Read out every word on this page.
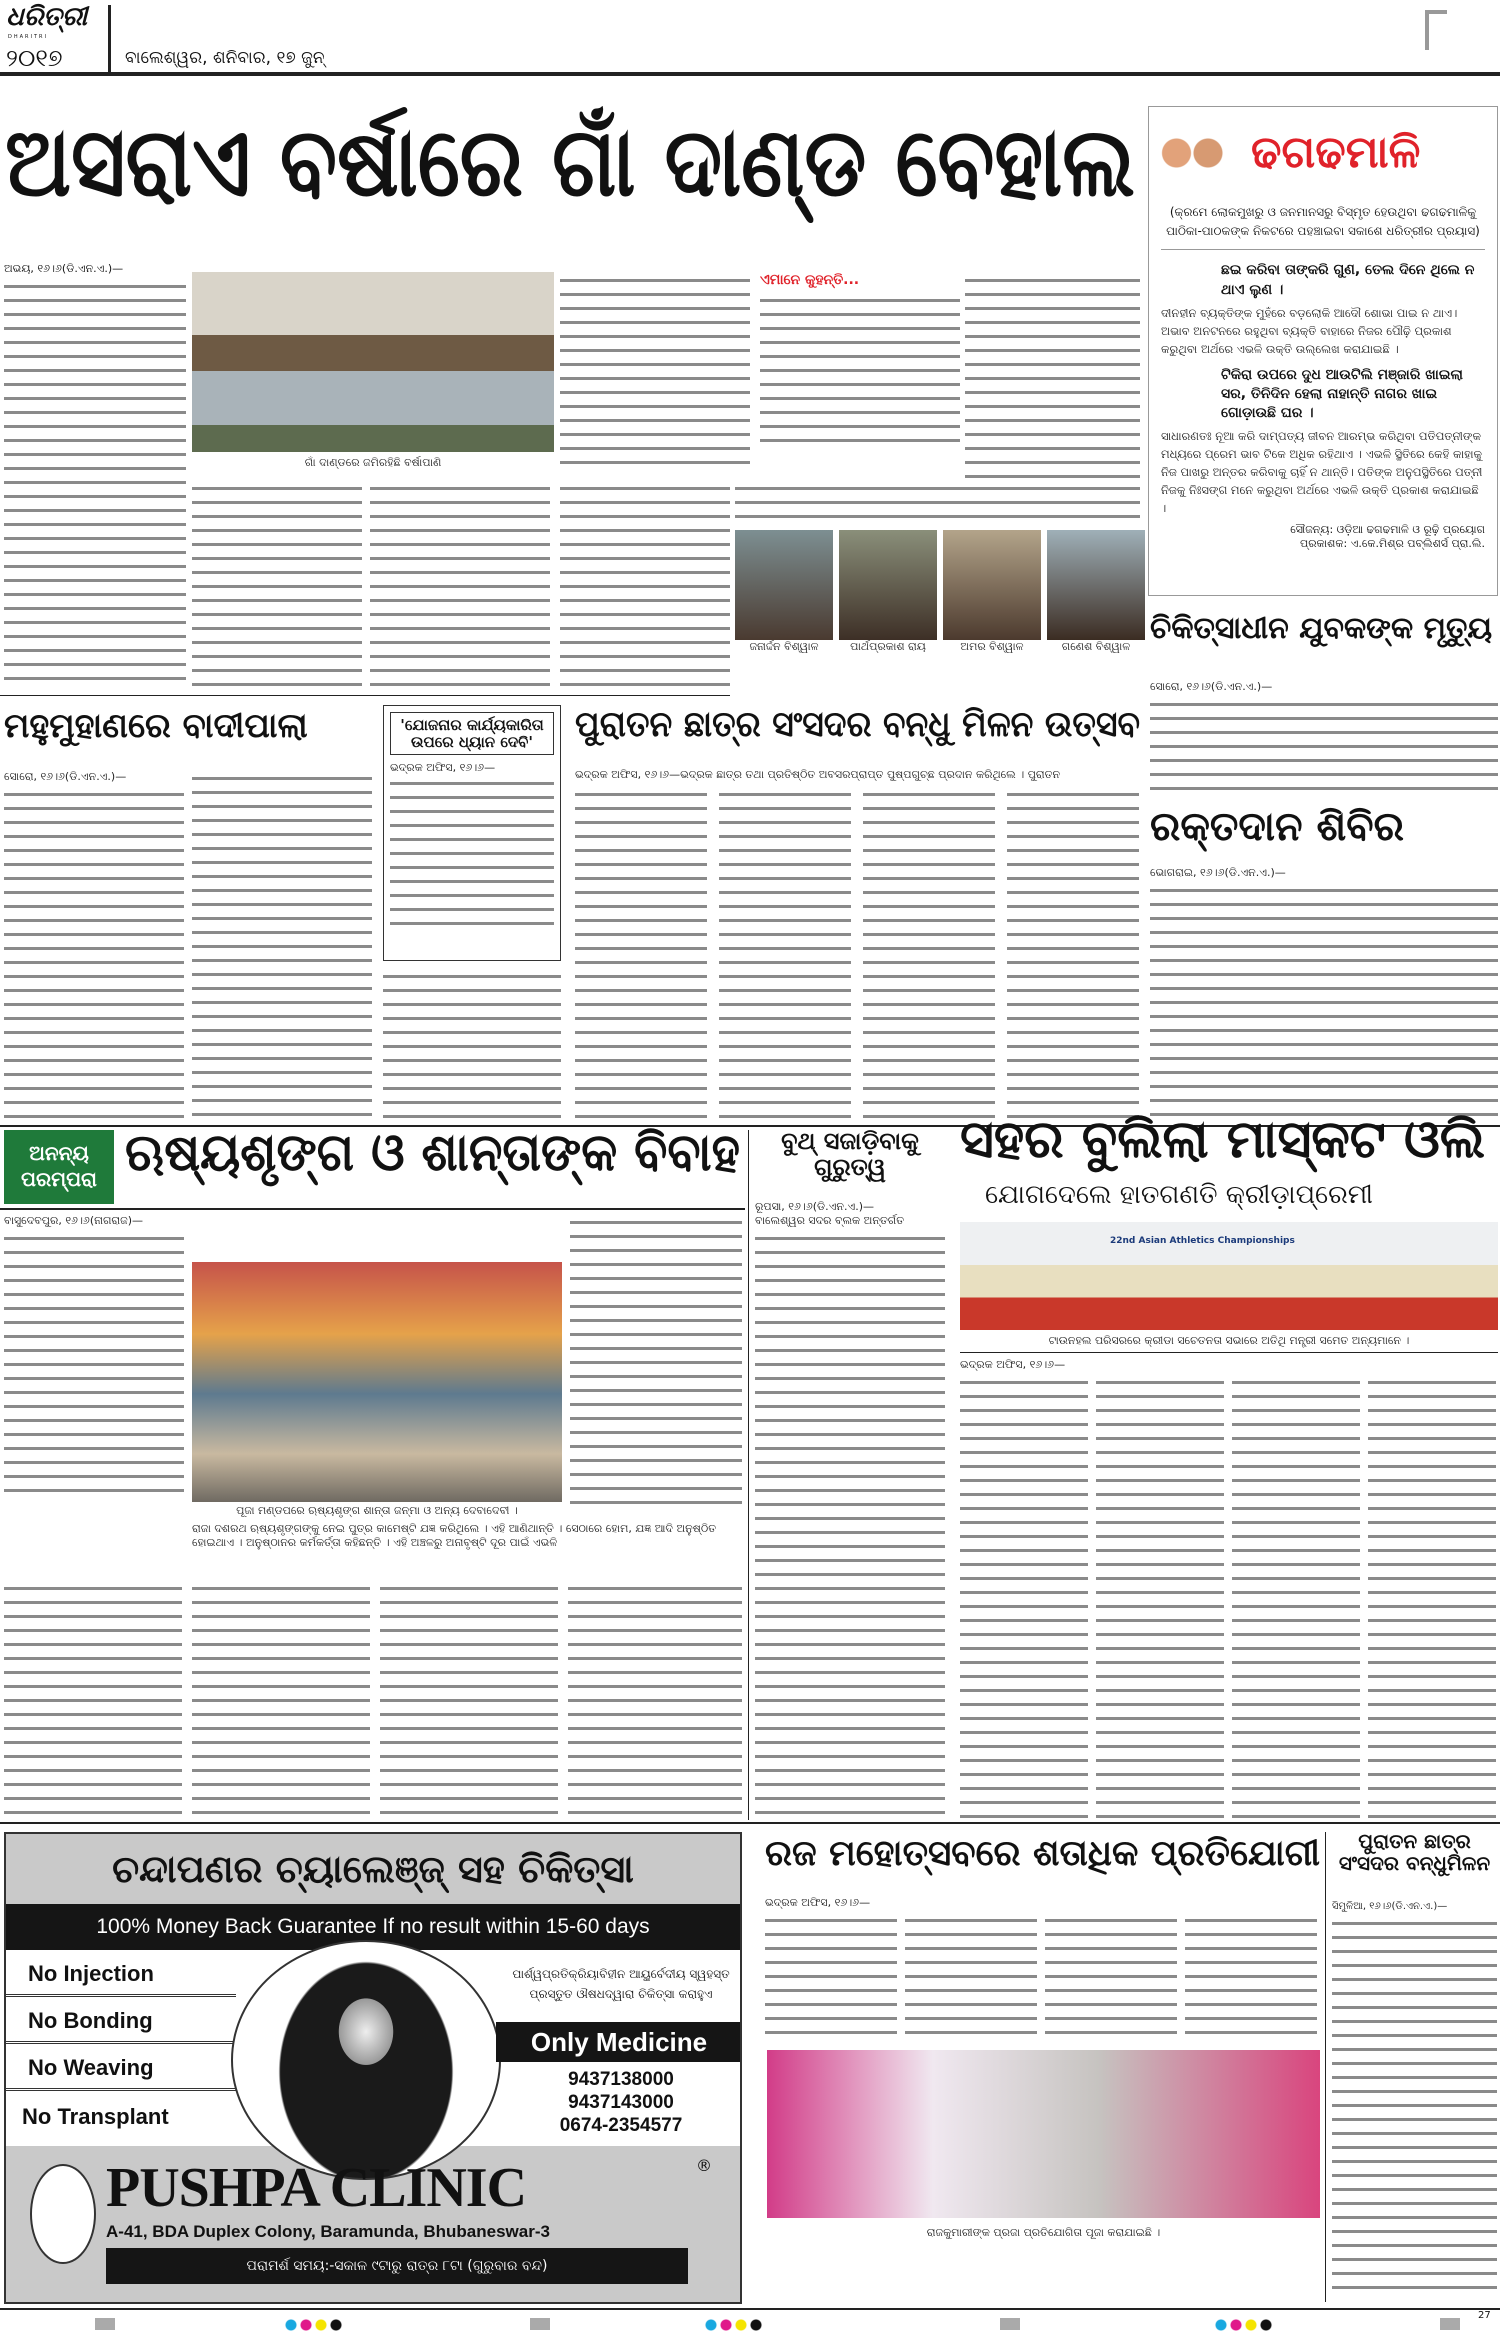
ଧରିତ୍ରୀ
DHARITRI
୨୦୧୭	ବାଲେଶ୍ୱର, ଶନିବାର, ୧୭ ଜୁନ୍
ଅସରାଏ ବର୍ଷାରେ ଗାଁ ଦାଣ୍ଡ ବେହାଲ
ଅଭୟ, ୧୬।୬(ଡି.ଏନ.ଏ.)—
ଗାଁ ଦାଣ୍ଡରେ ଜମିରହିଛି ବର୍ଷାପାଣି
ଏମାନେ କୁହନ୍ତି...
ଜନାର୍ଦ୍ଦନ ବିଶ୍ୱାଳ	ପାର୍ଥପ୍ରକାଶ ରାୟ	ଅମର ବିଶ୍ୱାଳ	ଗଣେଶ ବିଶ୍ୱାଳ
ଢଗଢମାଳି
(କ୍ରମେ ଲୋକମୁଖରୁ ଓ ଜନମାନସରୁ ବିସ୍ମୃତ ହେଉଥିବା ଢଗଢମାଳିକୁ ପାଠିକା-ପାଠକଙ୍କ ନିକଟରେ ପହଞ୍ଚାଇବା ସକାଶେ ଧରିତ୍ରୀର ପ୍ରୟାସ)
ଛଇ କରିବା ତାଙ୍କରି ଗୁଣ, ତେଲ ଦିନେ ଥିଲେ ନ ଥାଏ ଲୁଣ ।
ଦୀନହୀନ ବ୍ୟକ୍ତିଙ୍କ ମୁହଁରେ ବଡ଼ଲୋକି ଆଦୌ ଶୋଭା ପାଇ ନ ଥାଏ। ଅଭାବ ଅନଟନରେ ରହୁଥିବା ବ୍ୟକ୍ତି ବାହାରେ ନିଜର ପୌଢ଼ି ପ୍ରକାଶ କରୁଥିବା ଅର୍ଥରେ ଏଭଳି ଉକ୍ତି ଉଲ୍ଲେଖ କରାଯାଇଛି ।
ଟିକିରା ଉପରେ ଦୁଧ ଆଉଟିଲି ମଞ୍ଜାରି ଖାଇଲା ସର, ତିନିଦିନ ହେଲା ନାହାନ୍ତି ନାଗର ଖାଇ ଗୋଡ଼ାଉଛି ଘର ।
ସାଧାରଣତଃ ନୂଆ କରି ଦାମ୍ପତ୍ୟ ଜୀବନ ଆରମ୍ଭ କରିଥିବା ପତିପତ୍ନୀଙ୍କ ମଧ୍ୟରେ ପ୍ରେମ ଭାବ ଟିକେ ଅଧିକ ରହିଥାଏ । ଏଭଳି ସ୍ଥିତିରେ କେହି କାହାକୁ ନିଜ ପାଖରୁ ଅନ୍ତର କରିବାକୁ ଚାହିଁ ନ ଥାନ୍ତି। ପତିଙ୍କ ଅନୁପସ୍ଥିତିରେ ପତ୍ନୀ ନିଜକୁ ନିଃସଙ୍ଗ ମନେ କରୁଥିବା ଅର୍ଥରେ ଏଭଳି ଉକ୍ତି ପ୍ରକାଶ କରାଯାଇଛି ।
ସୌଜନ୍ୟ: ଓଡ଼ିଆ ଢଗଢମାଳି ଓ ରୂଢ଼ି ପ୍ରୟୋଗ
ପ୍ରକାଶକ: ଏ.କେ.ମିଶ୍ର ପବ୍ଲିଶର୍ସ ପ୍ରା.ଲି.
ଚିକିତ୍ସାଧୀନ ଯୁବକଙ୍କ ମୃତ୍ୟୁ
ସୋରୋ, ୧୬।୬(ଡି.ଏନ.ଏ.)—
ରକ୍ତଦାନ ଶିବିର
ଭୋଗରାଇ, ୧୬।୬(ଡି.ଏନ.ଏ.)—
ମହୁମୁହାଣରେ ବାଦୀପାଲା
ସୋରୋ, ୧୬।୬(ଡି.ଏନ.ଏ.)—
'ଯୋଜନାର କାର୍ଯ୍ୟକାରିତା ଉପରେ ଧ୍ୟାନ ଦେବି'
ଭଦ୍ରକ ଅଫିସ, ୧୬।୬—
ପୁରାତନ ଛାତ୍ର ସଂସଦର ବନ୍ଧୁ ମିଳନ ଉତ୍ସବ
ଭଦ୍ରକ ଅଫିସ, ୧୬।୬—ଭଦ୍ରକ ଛାତ୍ର ତଥା ପ୍ରତିଷ୍ଠିତ ଅବସରପ୍ରାପ୍ତ ପୁଷ୍ପଗୁଚ୍ଛ ପ୍ରଦାନ କରିଥିଲେ । ପୁରାତନ
ଅନନ୍ୟ ପରମ୍ପରା ଋଷ୍ୟଶୃଙ୍ଗ ଓ ଶାନ୍ତାଙ୍କ ବିବାହ
ବାସୁଦେବପୁର, ୧୬।୬(ନାଗରାଜ)—
ପୂଜା ମଣ୍ଡପରେ ଋଷ୍ୟଶୃଙ୍ଗ ଶାନ୍ତା ଜନ୍ମା ଓ ଅନ୍ୟ ଦେବାଦେବୀ ।
ରାଜା ଦଶରଥ ଋଷ୍ୟଶୃଙ୍ଗଙ୍କୁ ନେଇ ପୁତ୍ର କାମେଷ୍ଟି ଯଜ୍ଞ କରିଥିଲେ । ଏହି ଆଣିଥାନ୍ତି । ସେଠାରେ ହୋମ, ଯଜ୍ଞ ଆଦି ଅନୁଷ୍ଠିତ ହୋଇଥାଏ । ଅନୁଷ୍ଠାନର କର୍ମକର୍ତ୍ତା କହିଛନ୍ତି । ଏହି ଅଞ୍ଚଳରୁ ଅନାବୃଷ୍ଟି ଦୂର ପାଇଁ ଏଭଳି
ବୁଥ୍ ସଜାଡ଼ିବାକୁ ଗୁରୁତ୍ୱ
ରୂପସା, ୧୬।୬(ଡି.ଏନ.ଏ.)—
ବାଲେଶ୍ୱର ସଦର ବ୍ଲକ ଅନ୍ତର୍ଗତ
ସହର ବୁଲିଲା ମାସ୍କଟ ଓଲି
ଯୋଗଦେଲେ ହାତଗଣତି କ୍ରୀଡ଼ାପ୍ରେମୀ
22nd Asian Athletics Championships
ଟାଉନହଲ ପରିସରରେ କ୍ରୀଡା ସଚେତନତା ସଭାରେ ଅତିଥି ମନ୍ତ୍ରୀ ସମେତ ଅନ୍ୟମାନେ ।
ଭଦ୍ରକ ଅଫିସ, ୧୬।୬—
ଚନ୍ଦାପଣର ଚ୍ୟାଲେଞ୍ଜ୍ ସହ ଚିକିତ୍ସା
100% Money Back Guarantee If no result within 15-60 days
No Injection
No Bonding
No Weaving
No Transplant
ପାର୍ଶ୍ୱପ୍ରତିକ୍ରିୟାବିହୀନ ଆୟୁର୍ବେଦୀୟ ସ୍ୱହସ୍ତ ପ୍ରସ୍ତୁତ ଔଷଧଦ୍ୱାରା ଚିକିତ୍ସା କରାହୁଏ
Only Medicine
9437138000
9437143000
0674-2354577
PUSHPA CLINIC	®
A-41, BDA Duplex Colony, Baramunda, Bhubaneswar-3
ପରାମର୍ଶ ସମୟ:-ସକାଳ ୯ଟାରୁ ରାତ୍ର ୮ଟା (ଗୁରୁବାର ବନ୍ଦ)
ରଜ ମହୋତ୍ସବରେ ଶତାଧିକ ପ୍ରତିଯୋଗୀ
ଭଦ୍ରକ ଅଫିସ, ୧୬।୬—
ରାଜକୁମାରୀଙ୍କ ପ୍ରଜା ପ୍ରତିଯୋଗିତା ପୂଜା କରାଯାଇଛି ।
ପୁରାତନ ଛାତ୍ର ସଂସଦର ବନ୍ଧୁମିଳନ
ସିମୁଳିଆ, ୧୬।୬(ଡି.ଏନ.ଏ.)—
27
